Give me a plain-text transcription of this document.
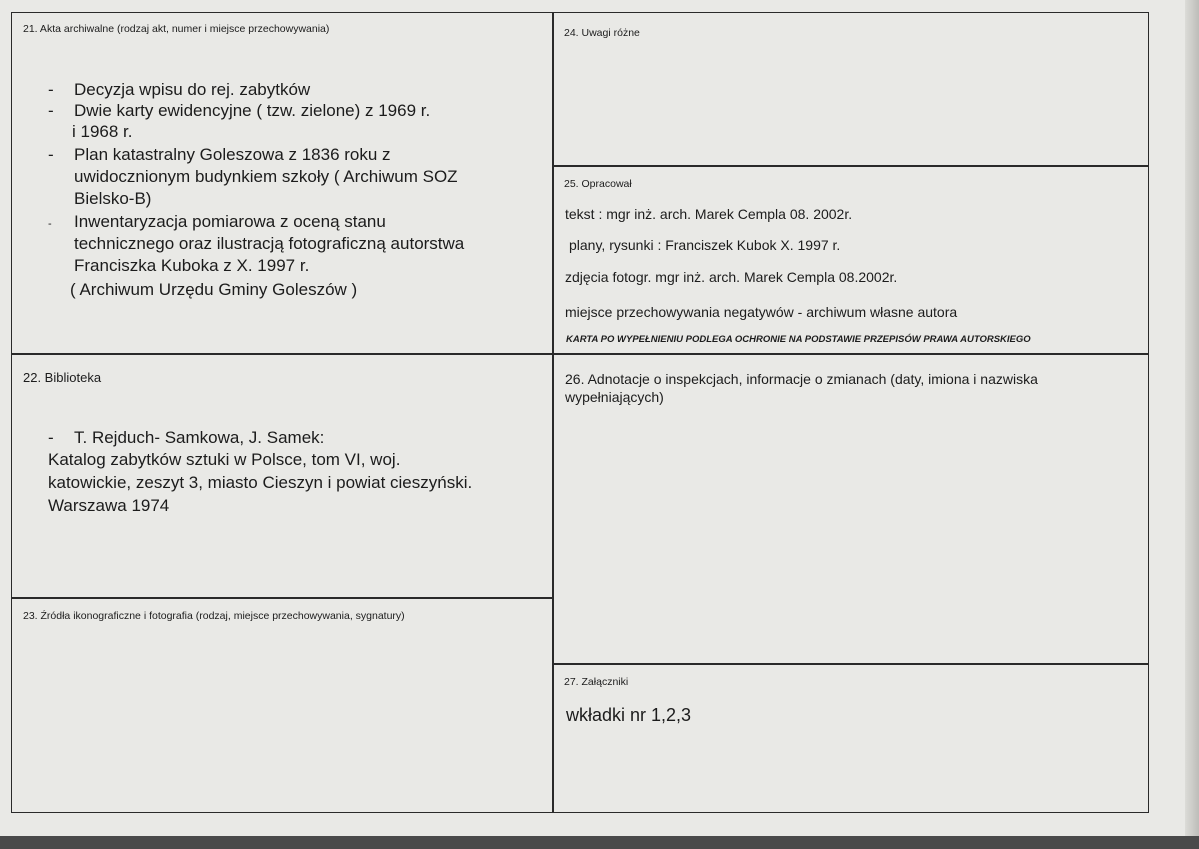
21. Akta archiwalne (rodzaj akt, numer i miejsce przechowywania)
- Decyzja wpisu do rej. zabytków
- Dwie karty ewidencyjne ( tzw. zielone) z 1969 r.
i 1968 r.
- Plan katastralny Goleszowa z 1836 roku z
uwidocznionym budynkiem szkoły ( Archiwum SOZ
Bielsko-B)
- Inwentaryzacja pomiarowa z oceną stanu
technicznego oraz ilustracją fotograficzną autorstwa
Franciszka Kuboka z X. 1997 r.
( Archiwum Urzędu Gminy Goleszów )
24. Uwagi różne
25. Opracował
tekst : mgr inż. arch. Marek Cempla 08. 2002r.
plany, rysunki : Franciszek Kubok X. 1997 r.
zdjęcia fotogr. mgr inż. arch. Marek Cempla 08.2002r.
miejsce przechowywania negatywów - archiwum własne autora
KARTA PO WYPEŁNIENIU PODLEGA OCHRONIE NA PODSTAWIE PRZEPISÓW PRAWA AUTORSKIEGO
22. Biblioteka
- T. Rejduch- Samkowa, J. Samek:
Katalog zabytków sztuki w Polsce, tom VI, woj.
katowickie, zeszyt 3, miasto Cieszyn i powiat cieszyński.
Warszawa 1974
26. Adnotacje o inspekcjach, informacje o zmianach (daty, imiona i nazwiska
wypełniających)
23. Źródła ikonograficzne i fotografia (rodzaj, miejsce przechowywania, sygnatury)
27. Załączniki
wkładki nr 1,2,3
